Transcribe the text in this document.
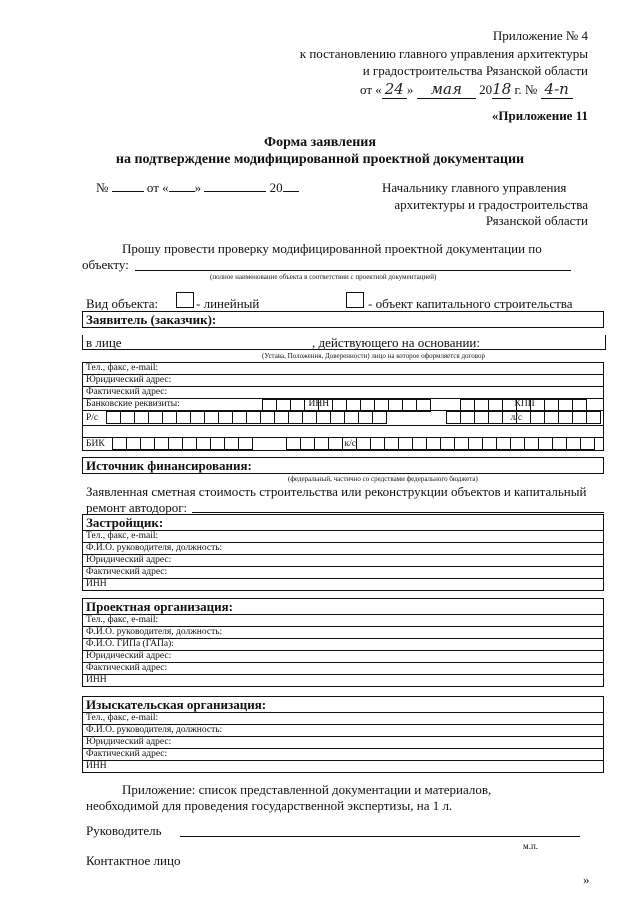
Приложение № 4
к постановлению главного управления архитектуры
и градостроительства Рязанской области
от « 24 » мая 2018 г. № 4-п
«Приложение 11
Форма заявления
на подтверждение модифицированной проектной документации
№	от « »	20	Начальнику главного управления
архитектуры и градостроительства
Рязанской области
Прошу провести проверку модифицированной проектной документации по
объекту:
(полное наименование объекта в соответствии с проектной документацией)
Вид объекта:	- линейный	- объект капитального строительства
Заявитель (заказчик):
в лице	, действующего на основании:
(Устава, Положения, Доверенности) лицо на которое оформляется договор
Тел., факс, e-mail:
Юридический адрес:
Фактический адрес:
Банковские реквизиты:	ИНН	КПП

Р/с	л/с

БИК	к/с

Источник финансирования:
(федеральный, частично со средствами федерального бюджета)
Заявленная сметная стоимость строительства или реконструкции объектов и капитальный
ремонт автодорог:
Застройщик:
Тел., факс, e-mail:
Ф.И.О. руководителя, должность:
Юридический адрес:
Фактический адрес:
ИНН
Проектная организация:
Тел., факс, e-mail:
Ф.И.О. руководителя, должность:
Ф.И.О. ГИПа (ГАПа):
Юридический адрес:
Фактический адрес:
ИНН
Изыскательская организация:
Тел., факс, e-mail:
Ф.И.О. руководителя, должность:
Юридический адрес:
Фактический адрес:
ИНН
Приложение: список представленной документации и материалов,
необходимой для проведения государственной экспертизы, на 1 л.
Руководитель
м.п.
Контактное лицо
»
